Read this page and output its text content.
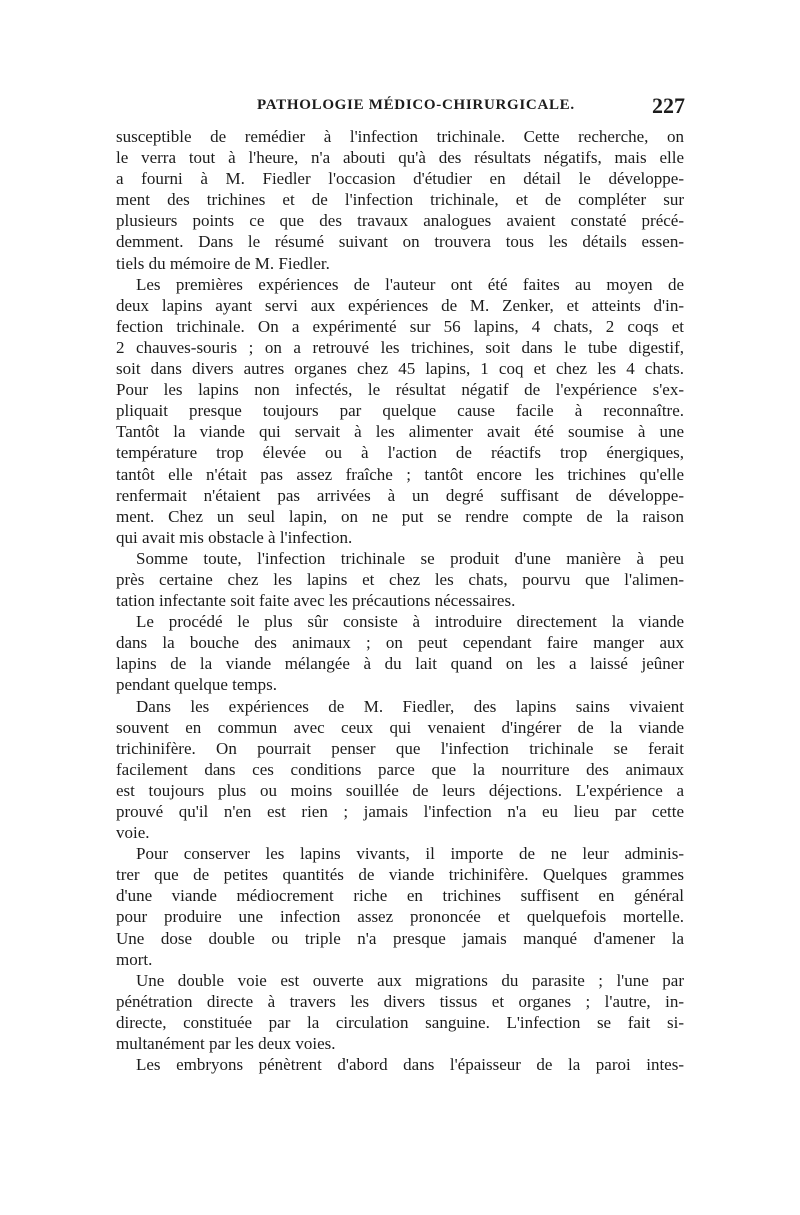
PATHOLOGIE MÉDICO-CHIRURGICALE.	227
susceptible de remédier à l'infection trichinale. Cette recherche, on
le verra tout à l'heure, n'a abouti qu'à des résultats négatifs, mais elle
a fourni à M. Fiedler l'occasion d'étudier en détail le développe-
ment des trichines et de l'infection trichinale, et de compléter sur
plusieurs points ce que des travaux analogues avaient constaté précé-
demment. Dans le résumé suivant on trouvera tous les détails essen-
tiels du mémoire de M. Fiedler.
Les premières expériences de l'auteur ont été faites au moyen de
deux lapins ayant servi aux expériences de M. Zenker, et atteints d'in-
fection trichinale. On a expérimenté sur 56 lapins, 4 chats, 2 coqs et
2 chauves-souris ; on a retrouvé les trichines, soit dans le tube digestif,
soit dans divers autres organes chez 45 lapins, 1 coq et chez les 4 chats.
Pour les lapins non infectés, le résultat négatif de l'expérience s'ex-
pliquait presque toujours par quelque cause facile à reconnaître.
Tantôt la viande qui servait à les alimenter avait été soumise à une
température trop élevée ou à l'action de réactifs trop énergiques,
tantôt elle n'était pas assez fraîche ; tantôt encore les trichines qu'elle
renfermait n'étaient pas arrivées à un degré suffisant de développe-
ment. Chez un seul lapin, on ne put se rendre compte de la raison
qui avait mis obstacle à l'infection.
Somme toute, l'infection trichinale se produit d'une manière à peu
près certaine chez les lapins et chez les chats, pourvu que l'alimen-
tation infectante soit faite avec les précautions nécessaires.
Le procédé le plus sûr consiste à introduire directement la viande
dans la bouche des animaux ; on peut cependant faire manger aux
lapins de la viande mélangée à du lait quand on les a laissé jeûner
pendant quelque temps.
Dans les expériences de M. Fiedler, des lapins sains vivaient
souvent en commun avec ceux qui venaient d'ingérer de la viande
trichinifère. On pourrait penser que l'infection trichinale se ferait
facilement dans ces conditions parce que la nourriture des animaux
est toujours plus ou moins souillée de leurs déjections. L'expérience a
prouvé qu'il n'en est rien ; jamais l'infection n'a eu lieu par cette
voie.
Pour conserver les lapins vivants, il importe de ne leur adminis-
trer que de petites quantités de viande trichinifère. Quelques grammes
d'une viande médiocrement riche en trichines suffisent en général
pour produire une infection assez prononcée et quelquefois mortelle.
Une dose double ou triple n'a presque jamais manqué d'amener la
mort.
Une double voie est ouverte aux migrations du parasite ; l'une par
pénétration directe à travers les divers tissus et organes ; l'autre, in-
directe, constituée par la circulation sanguine. L'infection se fait si-
multanément par les deux voies.
Les embryons pénètrent d'abord dans l'épaisseur de la paroi intes-
